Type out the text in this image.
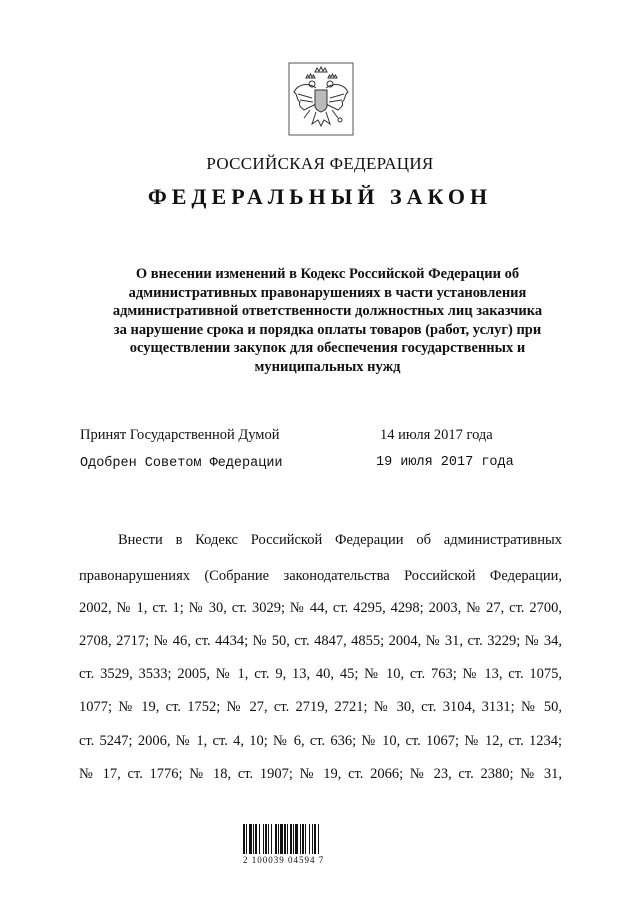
РОССИЙСКАЯ ФЕДЕРАЦИЯ
ФЕДЕРАЛЬНЫЙ ЗАКОН
О внесении изменений в Кодекс Российской Федерации об
административных правонарушениях в части установления
административной ответственности должностных лиц заказчика
за нарушение срока и порядка оплаты товаров (работ, услуг) при
осуществлении закупок для обеспечения государственных и
муниципальных нужд
Принят Государственной Думой	14 июля 2017 года
Одобрен Советом Федерации	19 июля 2017 года
Внести в Кодекс Российской Федерации об административных
правонарушениях (Собрание законодательства Российской Федерации,
2002, № 1, ст. 1; № 30, ст. 3029; № 44, ст. 4295, 4298; 2003, № 27, ст. 2700,
2708, 2717; № 46, ст. 4434; № 50, ст. 4847, 4855; 2004, № 31, ст. 3229; № 34,
ст. 3529, 3533; 2005, № 1, ст. 9, 13, 40, 45; № 10, ст. 763; № 13, ст. 1075,
1077; № 19, ст. 1752; № 27, ст. 2719, 2721; № 30, ст. 3104, 3131; № 50,
ст. 5247; 2006, № 1, ст. 4, 10; № 6, ст. 636; № 10, ст. 1067; № 12, ст. 1234;
№ 17, ст. 1776; № 18, ст. 1907; № 19, ст. 2066; № 23, ст. 2380; № 31,
2 100039 04594 7
